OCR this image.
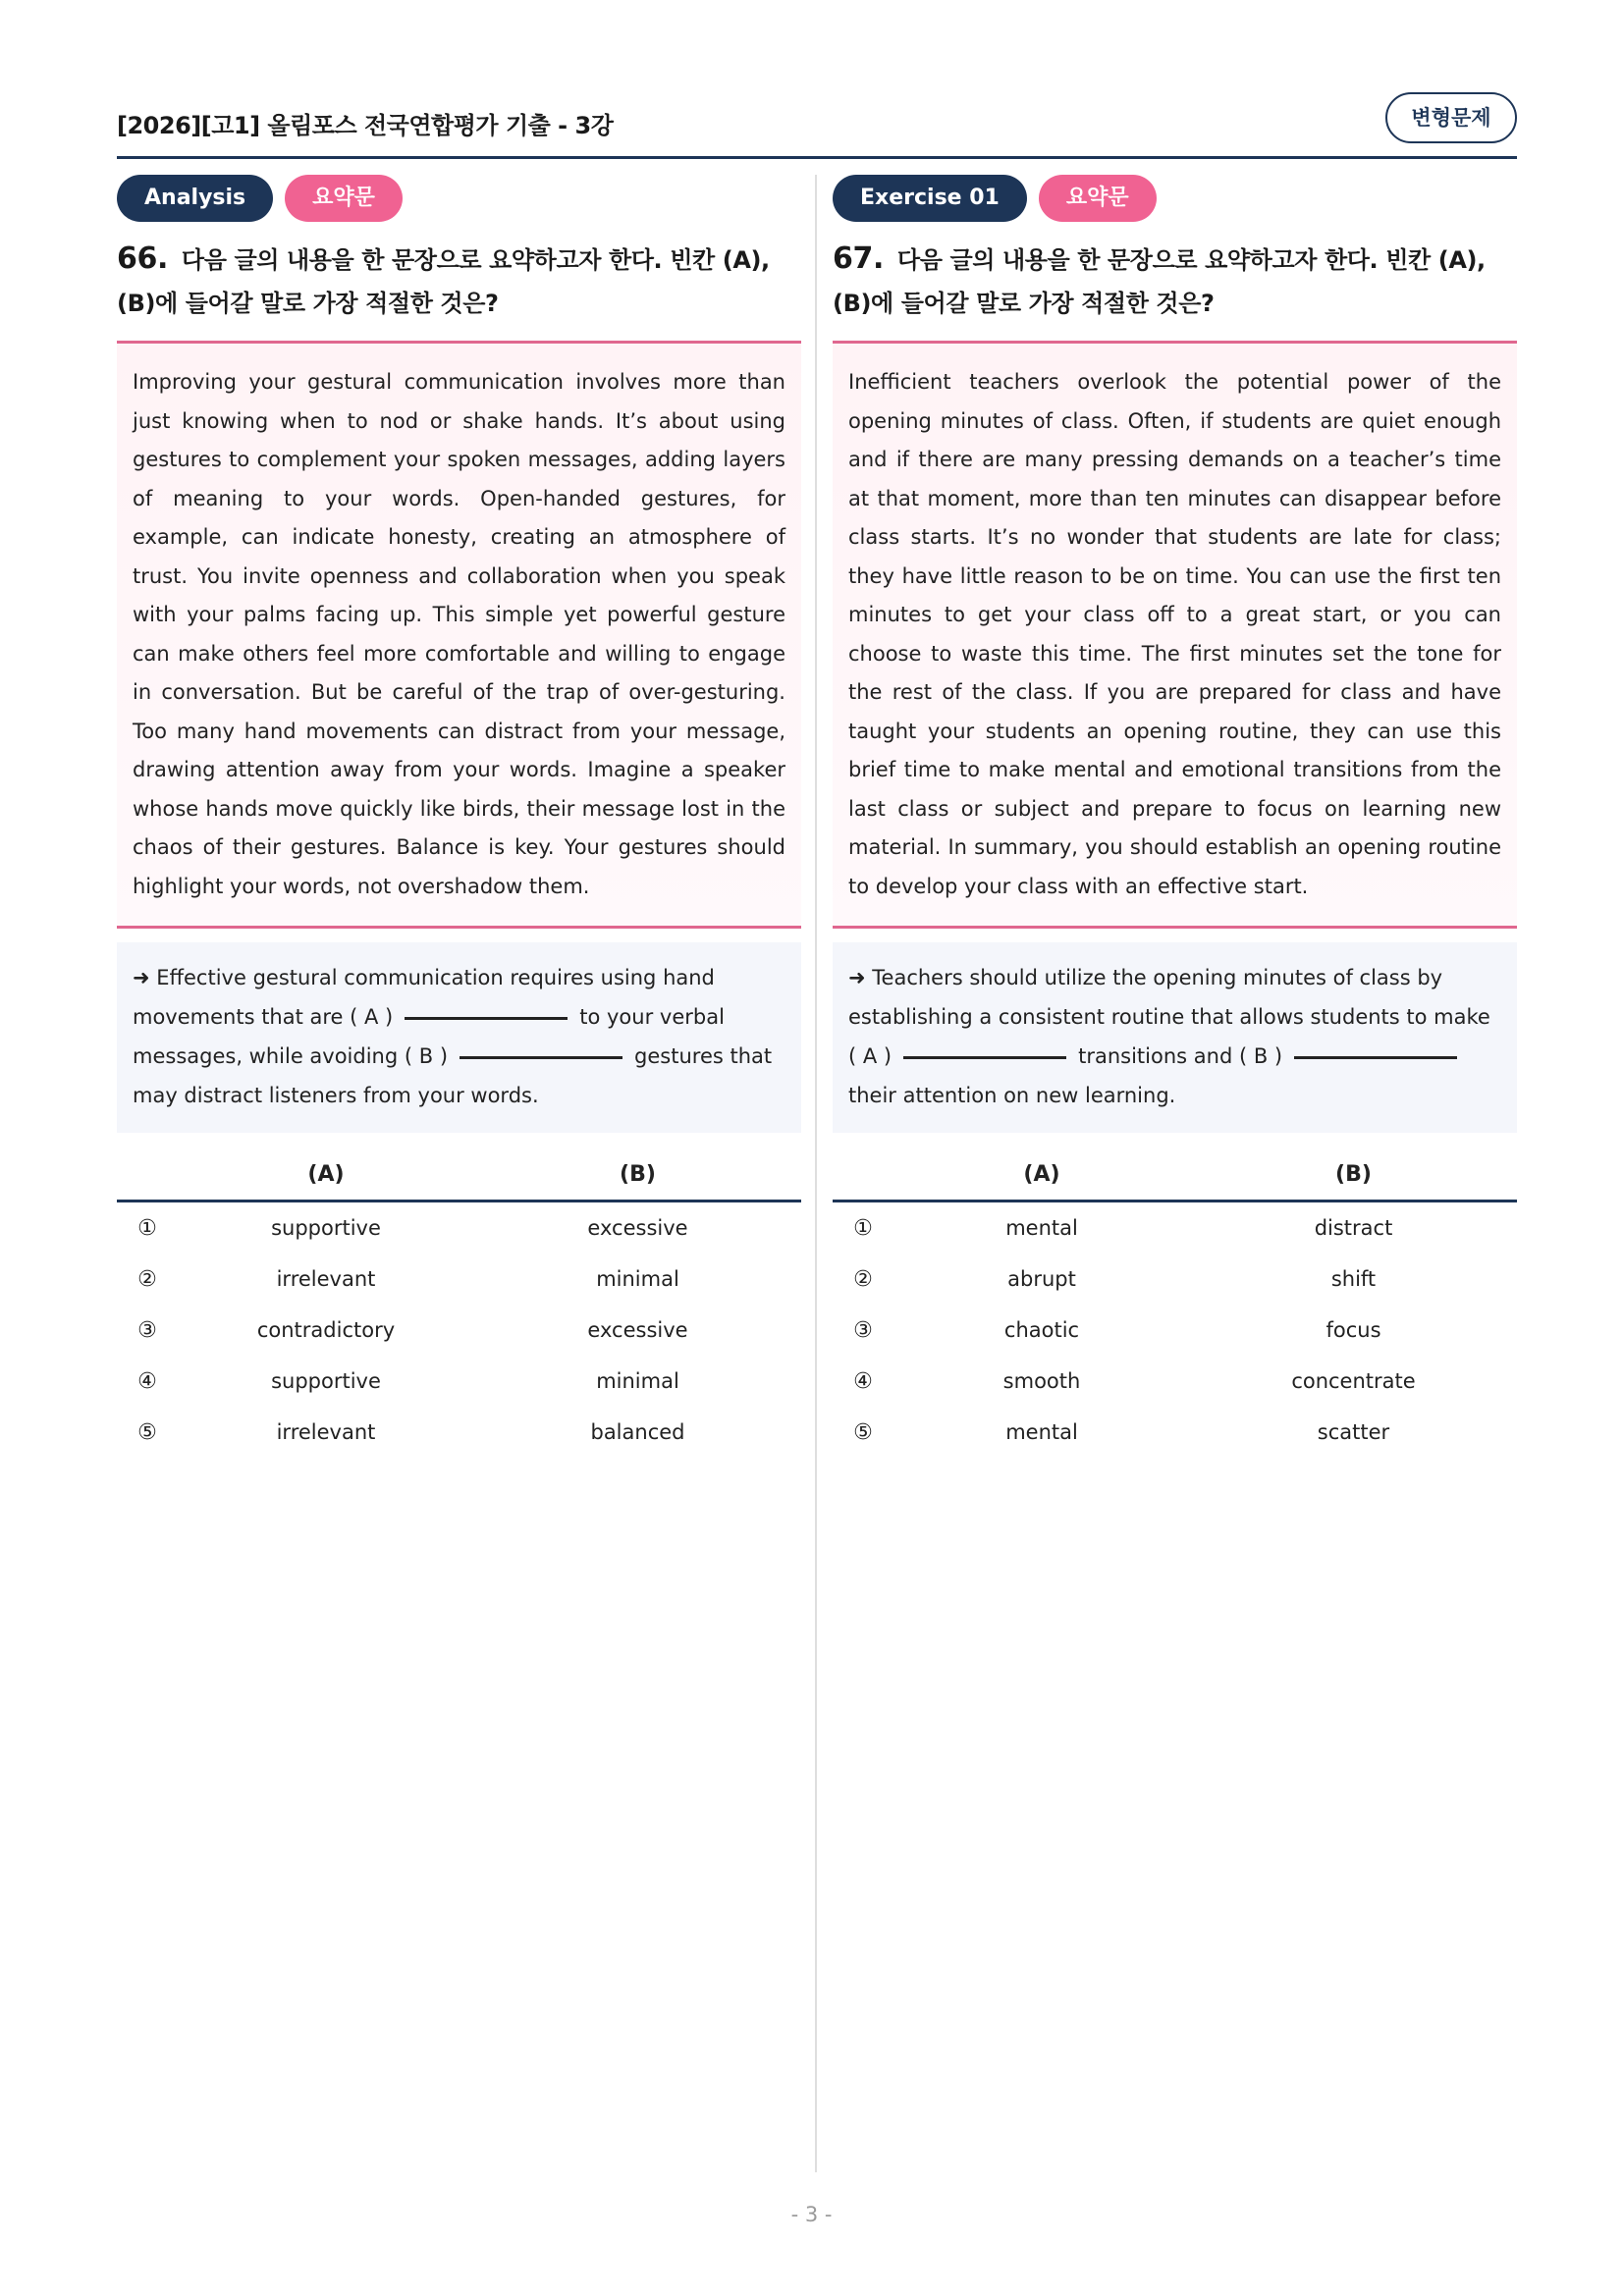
[2026][고1] 올림포스 전국연합평가 기출 - 3강	변형문제
Analysis	요약문
66. 다음 글의 내용을 한 문장으로 요약하고자 한다. 빈칸 (A), (B)에 들어갈 말로 가장 적절한 것은?
Improving your gestural communication involves more than just knowing when to nod or shake hands. It’s about using gestures to complement your spoken messages, adding layers of meaning to your words. Open-handed gestures, for example, can indicate honesty, creating an atmosphere of trust. You invite openness and collaboration when you speak with your palms facing up. This simple yet powerful gesture can make others feel more comfortable and willing to engage in conversation. But be careful of the trap of over-gesturing. Too many hand movements can distract from your message, drawing attention away from your words. Imagine a speaker whose hands move quickly like birds, their message lost in the chaos of their gestures. Balance is key. Your gestures should highlight your words, not overshadow them.
➜ Effective gestural communication requires using hand movements that are ( A )	to your verbal messages, while avoiding ( B )	gestures that may distract listeners from your words.
	(A)	(B)
①	supportive	excessive
②	irrelevant	minimal
③	contradictory	excessive
④	supportive	minimal
⑤	irrelevant	balanced
Exercise 01	요약문
67. 다음 글의 내용을 한 문장으로 요약하고자 한다. 빈칸 (A), (B)에 들어갈 말로 가장 적절한 것은?
Inefficient teachers overlook the potential power of the opening minutes of class. Often, if students are quiet enough and if there are many pressing demands on a teacher’s time at that moment, more than ten minutes can disappear before class starts. It’s no wonder that students are late for class; they have little reason to be on time. You can use the first ten minutes to get your class off to a great start, or you can choose to waste this time. The first minutes set the tone for the rest of the class. If you are prepared for class and have taught your students an opening routine, they can use this brief time to make mental and emotional transitions from the last class or subject and prepare to focus on learning new material. In summary, you should establish an opening routine to develop your class with an effective start.
➜ Teachers should utilize the opening minutes of class by establishing a consistent routine that allows students to make ( A )	transitions and ( B )their attention on new learning.
	(A)	(B)
①	mental	distract
②	abrupt	shift
③	chaotic	focus
④	smooth	concentrate
⑤	mental	scatter
- 3 -
